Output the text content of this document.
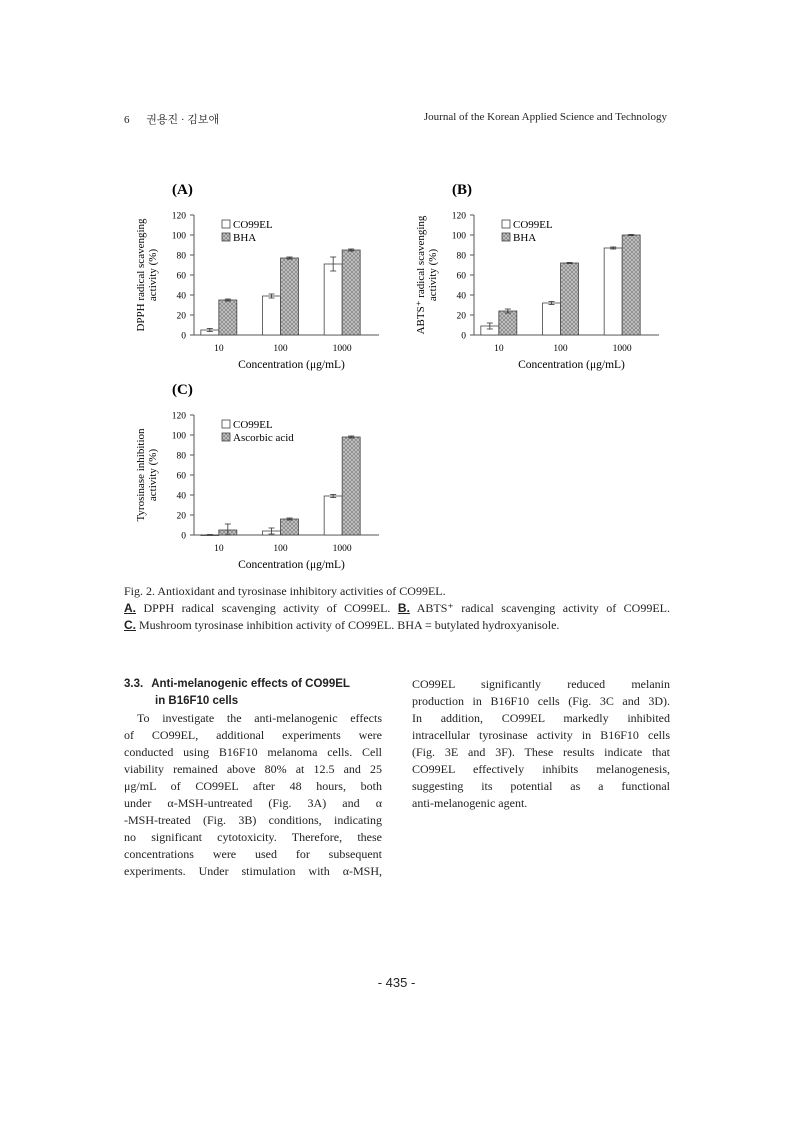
6 권용진 · 김보애	Journal of the Korean Applied Science and Technology
(A)
DPPH radical scavenging activity (%)
0
20
40
60
80
100
120
10	100	1000
Concentration (μg/mL)
CO99EL
BHA
(B)
ABTS⁺ radical scavenging activity (%)
0
20
40
60
80
100
120
10	100	1000
Concentration (μg/mL)
CO99EL
BHA
(C)
Tyrosinase inhibition activity (%)
0
20
40
60
80
100
120
10	100	1000
Concentration (μg/mL)
CO99EL
Ascorbic acid
Fig. 2. Antioxidant and tyrosinase inhibitory activities of CO99EL.
A. DPPH radical scavenging activity of CO99EL. B. ABTS⁺ radical scavenging activity of CO99EL.
C. Mushroom tyrosinase inhibition activity of CO99EL. BHA = butylated hydroxyanisole.
3.3. Anti-melanogenic effects of CO99EL
in B16F10 cells
To investigate the anti-melanogenic effects
of CO99EL, additional experiments were
conducted using B16F10 melanoma cells. Cell
viability remained above 80% at 12.5 and 25
μg/mL of CO99EL after 48 hours, both
under α-MSH-untreated (Fig. 3A) and α
-MSH-treated (Fig. 3B) conditions, indicating
no significant cytotoxicity. Therefore, these
concentrations were used for subsequent
experiments. Under stimulation with α-MSH,
CO99EL significantly reduced melanin
production in B16F10 cells (Fig. 3C and 3D).
In addition, CO99EL markedly inhibited
intracellular tyrosinase activity in B16F10 cells
(Fig. 3E and 3F). These results indicate that
CO99EL effectively inhibits melanogenesis,
suggesting its potential as a functional
anti-melanogenic agent.
- 435 -
